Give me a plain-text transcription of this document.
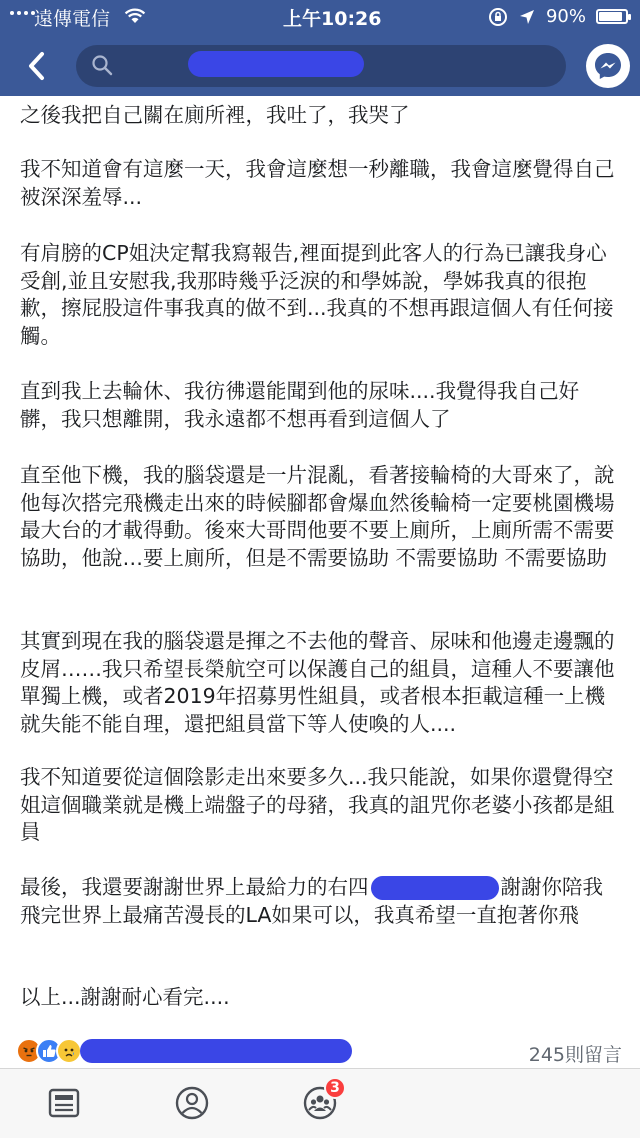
遠傳電信	上午10:26	90%

之後我把自己關在廁所裡，我吐了，我哭了

我不知道會有這麼一天，我會這麼想一秒離職，我會這麼覺得自己被深深羞辱...

有肩膀的CP姐決定幫我寫報告,裡面提到此客人的行為已讓我身心受創,並且安慰我,我那時幾乎泛淚的和學姊說，學姊我真的很抱歉，擦屁股這件事我真的做不到...我真的不想再跟這個人有任何接觸。

直到我上去輪休、我彷彿還能聞到他的尿味....我覺得我自己好髒，我只想離開，我永遠都不想再看到這個人了

直至他下機，我的腦袋還是一片混亂，看著接輪椅的大哥來了，說他每次搭完飛機走出來的時候腳都會爆血然後輪椅一定要桃園機場最大台的才載得動。後來大哥問他要不要上廁所，上廁所需不需要協助，他說…要上廁所，但是不需要協助 不需要協助 不需要協助

其實到現在我的腦袋還是揮之不去他的聲音、尿味和他邊走邊飄的皮屑……我只希望長榮航空可以保護自己的組員，這種人不要讓他單獨上機，或者2019年招募男性組員，或者根本拒載這種一上機就失能不能自理，還把組員當下等人使喚的人....

我不知道要從這個陰影走出來要多久...我只能說，如果你還覺得空姐這個職業就是機上端盤子的母豬，我真的詛咒你老婆小孩都是組員

最後，我還要謝謝世界上最給力的右四	謝謝你陪我飛完世界上最痛苦漫長的LA如果可以，我真希望一直抱著你飛

以上...謝謝耐心看完....

245則留言
3
